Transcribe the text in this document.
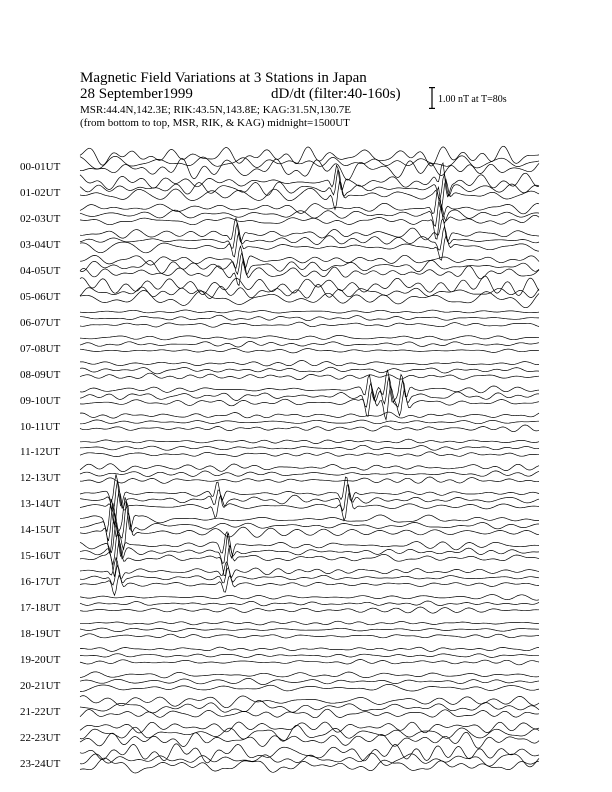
Magnetic Field Variations at 3 Stations in Japan
28 September1999	dD/dt (filter:40-160s)
MSR:44.4N,142.3E; RIK:43.5N,143.8E; KAG:31.5N,130.7E
(from bottom to top, MSR, RIK, & KAG) midnight=1500UT
1.00 nT at T=80s
00-01UT
01-02UT
02-03UT
03-04UT
04-05UT
05-06UT
06-07UT
07-08UT
08-09UT
09-10UT
10-11UT
11-12UT
12-13UT
13-14UT
14-15UT
15-16UT
16-17UT
17-18UT
18-19UT
19-20UT
20-21UT
21-22UT
22-23UT
23-24UT
